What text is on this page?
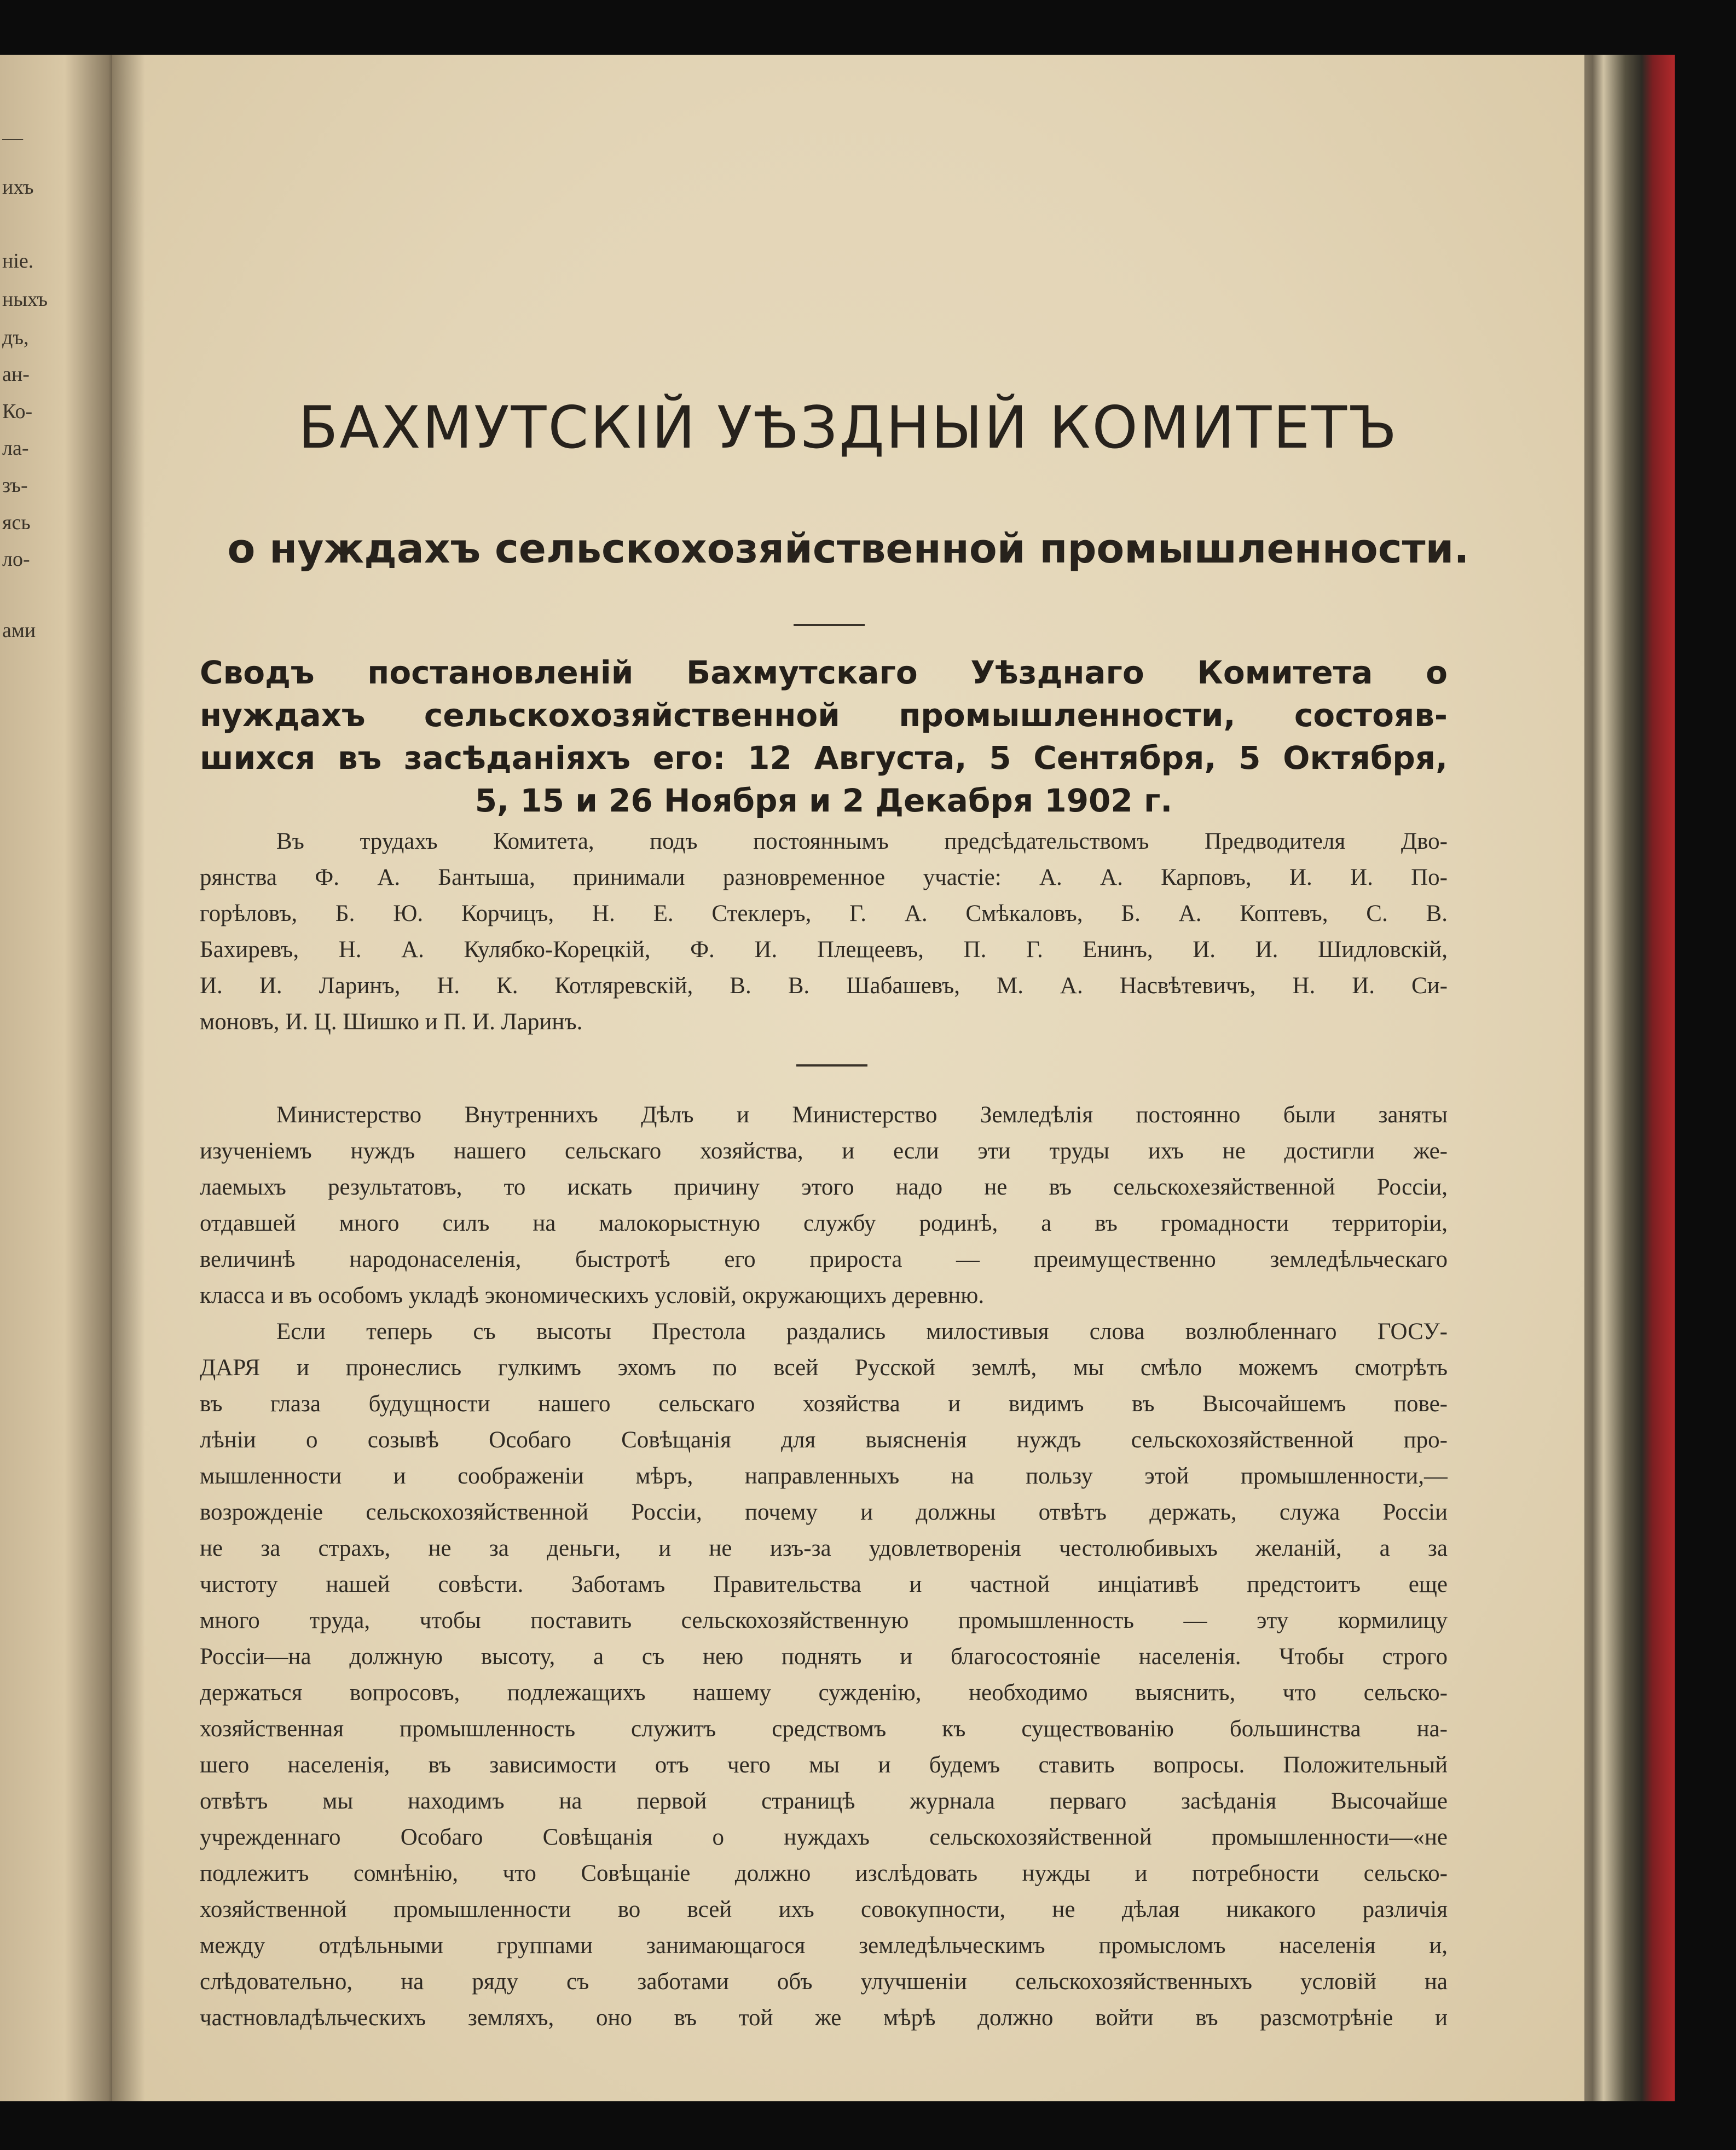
—
ихъ
ніе.
ныхъ
дъ,
ан-
Ко-
ла-
зъ-
ясь
ло-
ами
БАХМУТСКІЙ УѢЗДНЫЙ КОМИТЕТЪ
о нуждахъ сельскохозяйственной промышленности.
Сводъ постановленій Бахмутскаго Уѣзднаго Комитета о
нуждахъ сельскохозяйственной промышленности, состояв-
шихся въ засѣданіяхъ его: 12 Августа, 5 Сентября, 5 Октября,
5, 15 и 26 Ноября и 2 Декабря 1902 г.
Въ трудахъ Комитета, подъ постояннымъ предсѣдательствомъ Предводителя Дво-
рянства Ф. А. Бантыша, принимали разновременное участіе: А. А. Карповъ, И. И. По-
горѣловъ, Б. Ю. Корчицъ, Н. Е. Стеклеръ, Г. А. Смѣкаловъ, Б. А. Коптевъ, С. В.
Бахиревъ, Н. А. Кулябко-Корецкій, Ф. И. Плещеевъ, П. Г. Енинъ, И. И. Шидловскій,
И. И. Ларинъ, Н. К. Котляревскій, В. В. Шабашевъ, М. А. Насвѣтевичъ, Н. И. Си-
моновъ, И. Ц. Шишко и П. И. Ларинъ.
Министерство Внутреннихъ Дѣлъ и Министерство Земледѣлія постоянно были заняты
изученіемъ нуждъ нашего сельскаго хозяйства, и если эти труды ихъ не достигли же-
лаемыхъ результатовъ, то искать причину этого надо не въ сельскохезяйственной Россіи,
отдавшей много силъ на малокорыстную службу родинѣ, а въ громадности территоріи,
величинѣ народонаселенія, быстротѣ его прироста — преимущественно земледѣльческаго
класса и въ особомъ укладѣ экономическихъ условій, окружающихъ деревню.
Если теперь съ высоты Престола раздались милостивыя слова возлюбленнаго ГОСУ-
ДАРЯ и пронеслись гулкимъ эхомъ по всей Русской землѣ, мы смѣло можемъ смотрѣть
въ глаза будущности нашего сельскаго хозяйства и видимъ въ Высочайшемъ пове-
лѣніи о созывѣ Особаго Совѣщанія для выясненія нуждъ сельскохозяйственной про-
мышленности и соображеніи мѣръ, направленныхъ на пользу этой промышленности,—
возрожденіе сельскохозяйственной Россіи, почему и должны отвѣтъ держать, служа Россіи
не за страхъ, не за деньги, и не изъ-за удовлетворенія честолюбивыхъ желаній, а за
чистоту нашей совѣсти. Заботамъ Правительства и частной инціативѣ предстоитъ еще
много труда, чтобы поставить сельскохозяйственную промышленность — эту кормилицу
Россіи—на должную высоту, а съ нею поднять и благосостояніе населенія. Чтобы строго
держаться вопросовъ, подлежащихъ нашему сужденію, необходимо выяснить, что сельско-
хозяйственная промышленность служитъ средствомъ къ существованію большинства на-
шего населенія, въ зависимости отъ чего мы и будемъ ставить вопросы. Положительный
отвѣтъ мы находимъ на первой страницѣ журнала перваго засѣданія Высочайше
учрежденнаго Особаго Совѣщанія о нуждахъ сельскохозяйственной промышленности—«не
подлежитъ сомнѣнію, что Совѣщаніе должно изслѣдовать нужды и потребности сельско-
хозяйственной промышленности во всей ихъ совокупности, не дѣлая никакого различія
между отдѣльными группами занимающагося земледѣльческимъ промысломъ населенія и,
слѣдовательно, на ряду съ заботами объ улучшеніи сельскохозяйственныхъ условій на
частновладѣльческихъ земляхъ, оно въ той же мѣрѣ должно войти въ разсмотрѣніе и
